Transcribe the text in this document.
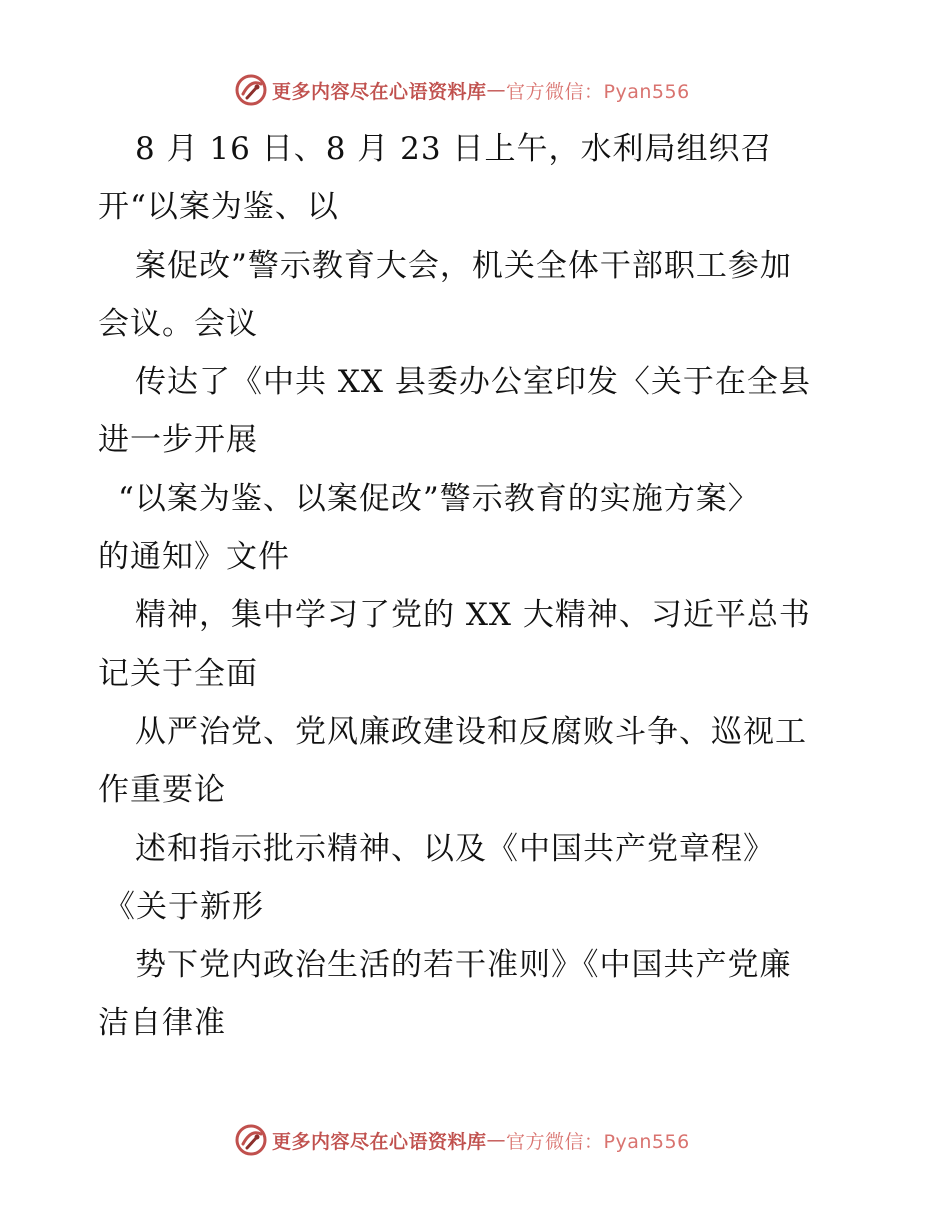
更多内容尽在心语资料库 — 官方微信：Pyan556
8 月 16 日、8 月 23 日上午，水利局组织召
开“以案为鉴、以
案促改”警示教育大会，机关全体干部职工参加
会议。会议
传达了《中共 XX 县委办公室印发〈关于在全县
进一步开展
“以案为鉴、以案促改”警示教育的实施方案〉
的通知》文件
精神，集中学习了党的 XX 大精神、习近平总书
记关于全面
从严治党、党风廉政建设和反腐败斗争、巡视工
作重要论
述和指示批示精神、以及《中国共产党章程》
《关于新形
势下党内政治生活的若干准则》《中国共产党廉
洁自律准
更多内容尽在心语资料库 — 官方微信：Pyan556
